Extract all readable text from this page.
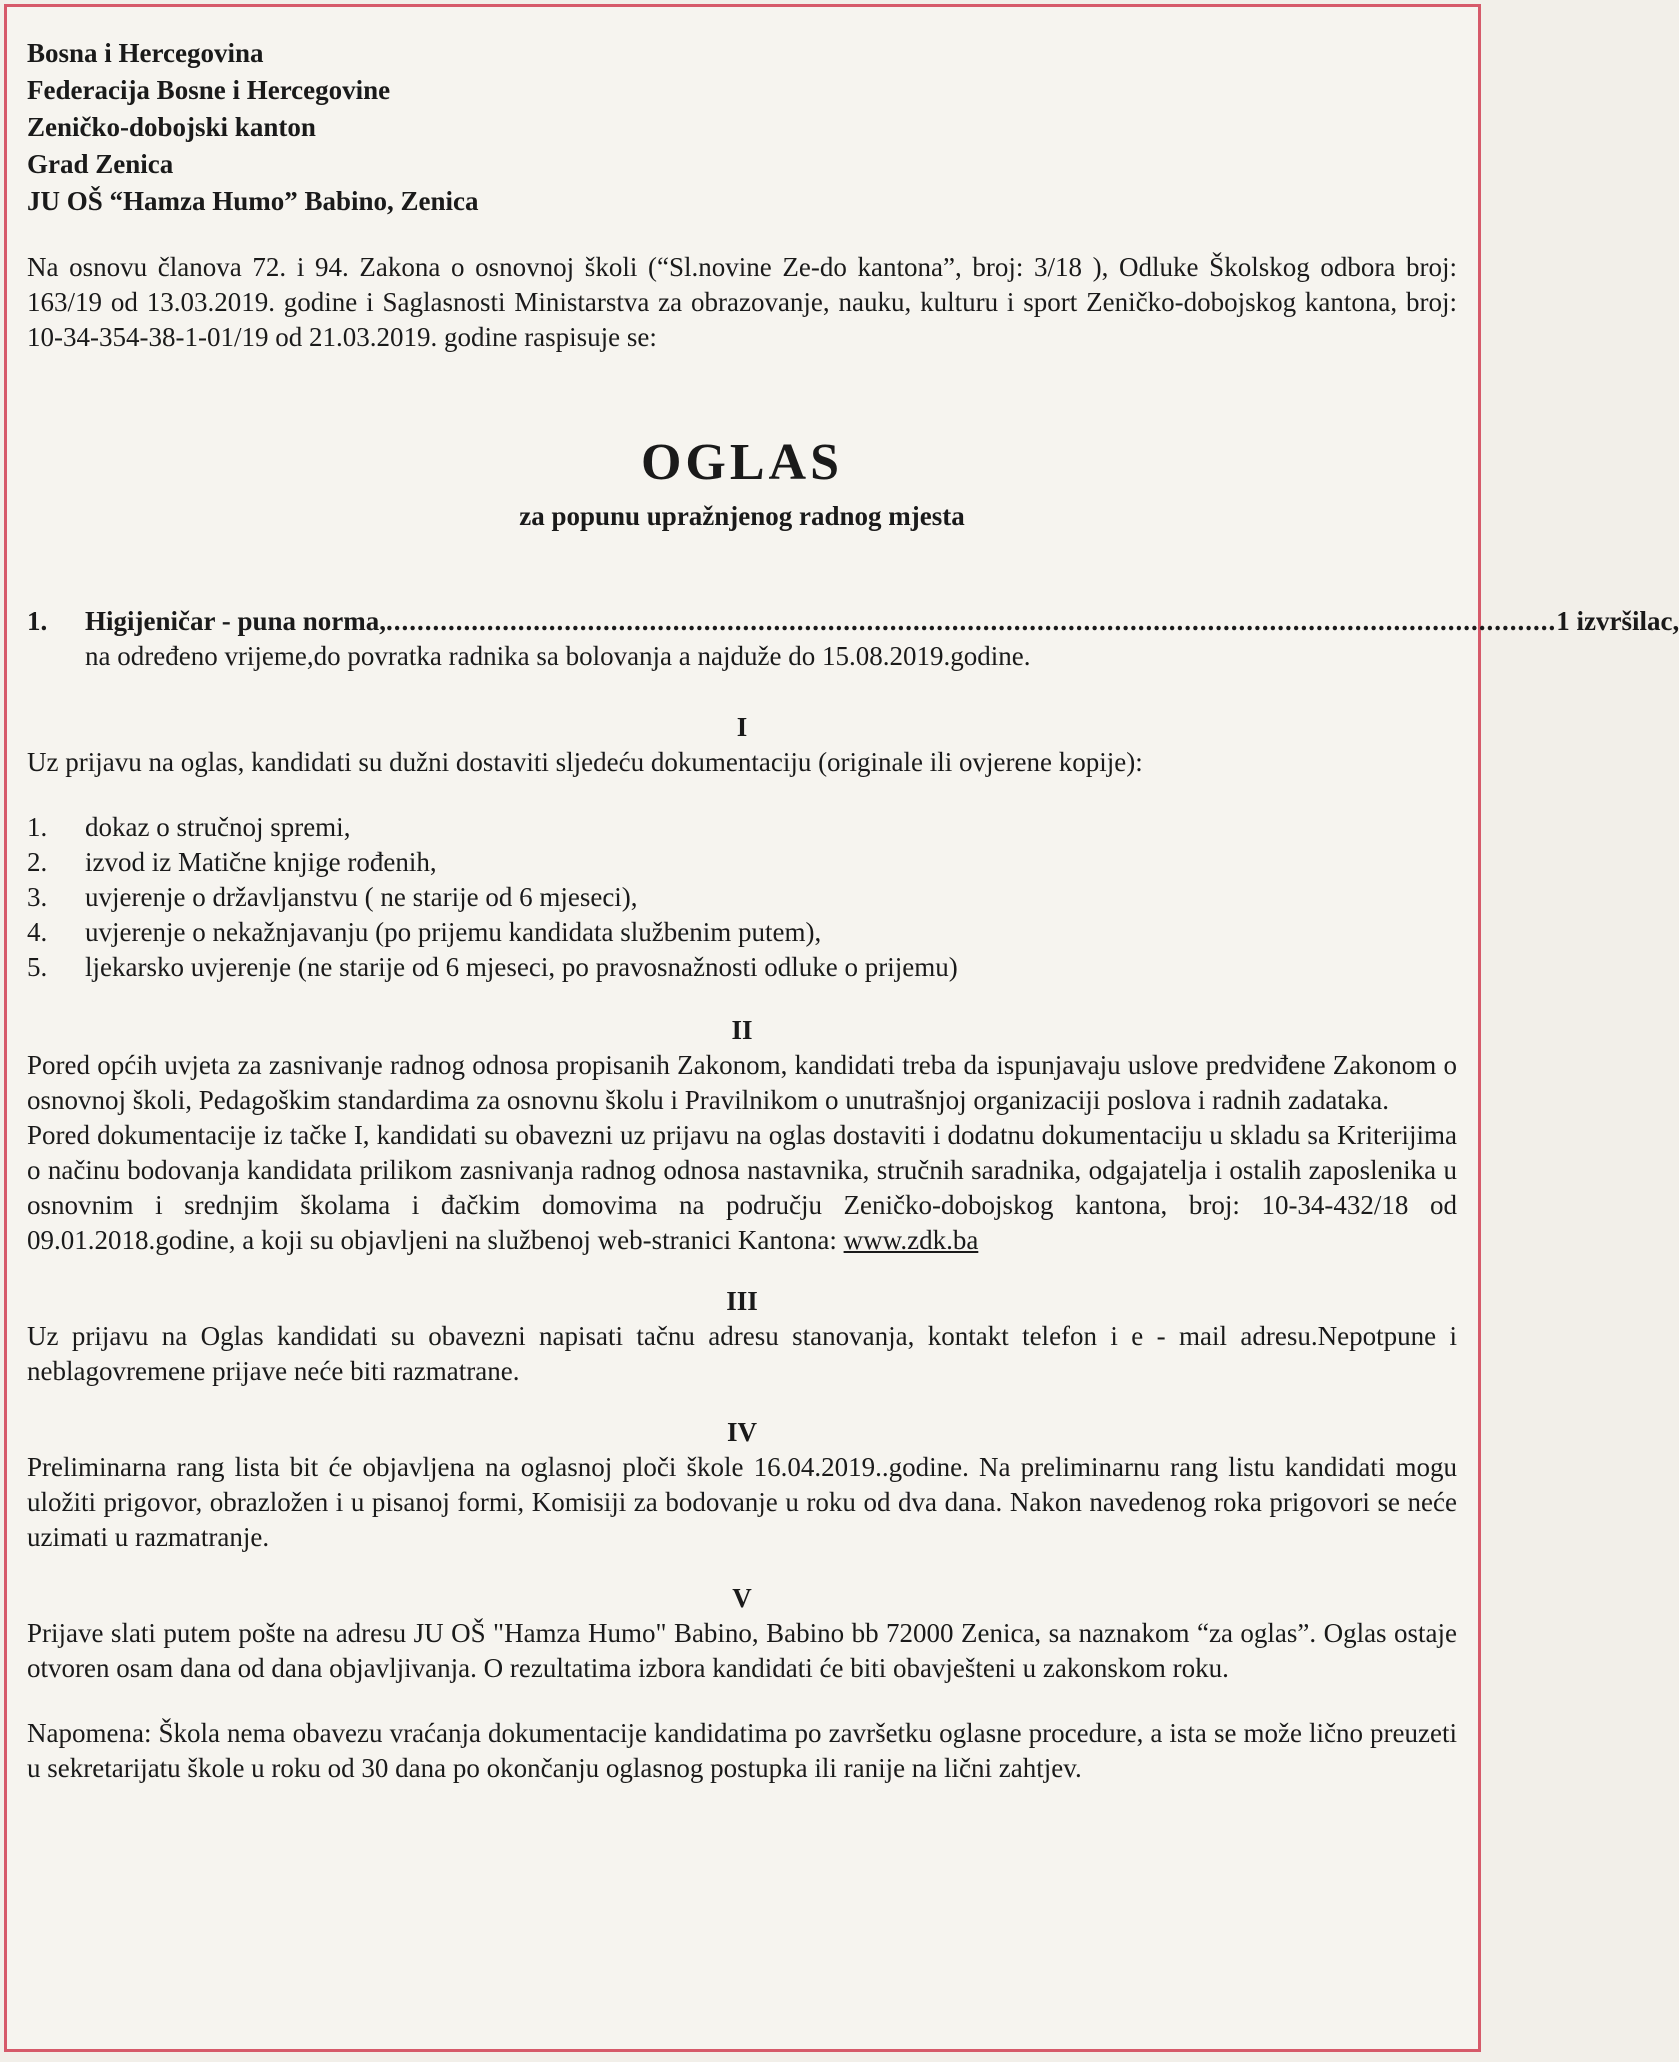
Bosna i Hercegovina
Federacija Bosne i Hercegovine
Zeničko-dobojski kanton
Grad Zenica
JU OŠ “Hamza Humo” Babino, Zenica

Na osnovu članova 72. i 94. Zakona o osnovnoj školi (“Sl.novine Ze-do kantona”, broj: 3/18 ), Odluke Školskog odbora broj: 163/19 od 13.03.2019. godine i Saglasnosti Ministarstva za obrazovanje, nauku, kulturu i sport Zeničko-dobojskog kantona, broj: 10-34-354-38-1-01/19 od 21.03.2019. godine raspisuje se:

OGLAS
za popunu upražnjenog radnog mjesta
1.	Higijeničar - puna norma, ....................................................................................................................................................... 1 izvršilac,
na određeno vrijeme,do povratka radnika sa bolovanja a najduže do 15.08.2019.godine.
I

Uz prijavu na oglas, kandidati su dužni dostaviti sljedeću dokumentaciju (originale ili ovjerene kopije):

1.	dokaz o stručnoj spremi,
2.	izvod iz Matične knjige rođenih,
3.	uvjerenje o državljanstvu ( ne starije od 6 mjeseci),
4.	uvjerenje o nekažnjavanju (po prijemu kandidata službenim putem),
5.	ljekarsko uvjerenje (ne starije od 6 mjeseci, po pravosnažnosti odluke o prijemu)
II

Pored općih uvjeta za zasnivanje radnog odnosa propisanih Zakonom, kandidati treba da ispunjavaju uslove predviđene Zakonom o osnovnoj školi, Pedagoškim standardima za osnovnu školu i Pravilnikom o unutrašnjoj organizaciji poslova i radnih zadataka.

Pored dokumentacije iz tačke I, kandidati su obavezni uz prijavu na oglas dostaviti i dodatnu dokumentaciju u skladu sa Kriterijima o načinu bodovanja kandidata prilikom zasnivanja radnog odnosa nastavnika, stručnih saradnika, odgajatelja i ostalih zaposlenika u osnovnim i srednjim školama i đačkim domovima na području Zeničko-dobojskog kantona, broj: 10-34-432/18 od 09.01.2018.godine, a koji su objavljeni na službenoj web-stranici Kantona: www.zdk.ba

III

Uz prijavu na Oglas kandidati su obavezni napisati tačnu adresu stanovanja, kontakt telefon i e - mail adresu.Nepotpune i neblagovremene prijave neće biti razmatrane.

IV

Preliminarna rang lista bit će objavljena na oglasnoj ploči škole 16.04.2019..godine. Na preliminarnu rang listu kandidati mogu uložiti prigovor, obrazložen i u pisanoj formi, Komisiji za bodovanje u roku od dva dana. Nakon navedenog roka prigovori se neće uzimati u razmatranje.

V

Prijave slati putem pošte na adresu JU OŠ "Hamza Humo" Babino, Babino bb 72000 Zenica, sa naznakom “za oglas”. Oglas ostaje otvoren osam dana od dana objavljivanja. O rezultatima izbora kandidati će biti obavješteni u zakonskom roku.

Napomena: Škola nema obavezu vraćanja dokumentacije kandidatima po završetku oglasne procedure, a ista se može lično preuzeti u sekretarijatu škole u roku od 30 dana po okončanju oglasnog postupka ili ranije na lični zahtjev.
